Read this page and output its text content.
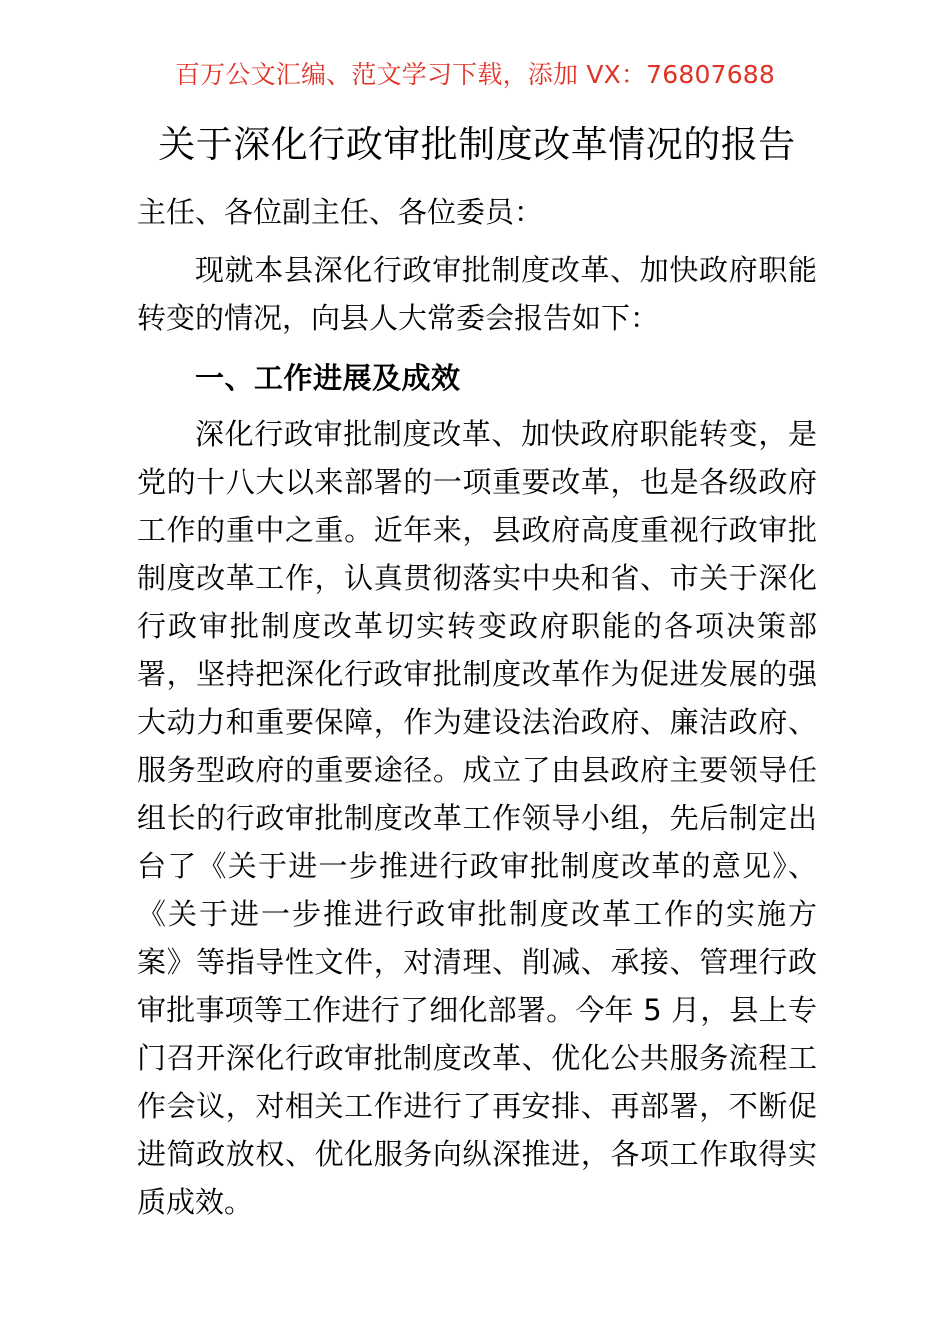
百万公文汇编、范文学习下载，添加 VX：76807688
关于深化行政审批制度改革情况的报告

主任、各位副主任、各位委员：

现就本县深化行政审批制度改革、加快政府职能转变的情况，向县人大常委会报告如下：

一、工作进展及成效

深化行政审批制度改革、加快政府职能转变，是党的十八大以来部署的一项重要改革，也是各级政府工作的重中之重。近年来，县政府高度重视行政审批制度改革工作，认真贯彻落实中央和省、市关于深化行政审批制度改革切实转变政府职能的各项决策部署，坚持把深化行政审批制度改革作为促进发展的强大动力和重要保障，作为建设法治政府、廉洁政府、服务型政府的重要途径。成立了由县政府主要领导任组长的行政审批制度改革工作领导小组，先后制定出台了《关于进一步推进行政审批制度改革的意见》、《关于进一步推进行政审批制度改革工作的实施方案》等指导性文件，对清理、削减、承接、管理行政审批事项等工作进行了细化部署。今年 5 月，县上专门召开深化行政审批制度改革、优化公共服务流程工作会议，对相关工作进行了再安排、再部署，不断促进简政放权、优化服务向纵深推进，各项工作取得实质成效。
